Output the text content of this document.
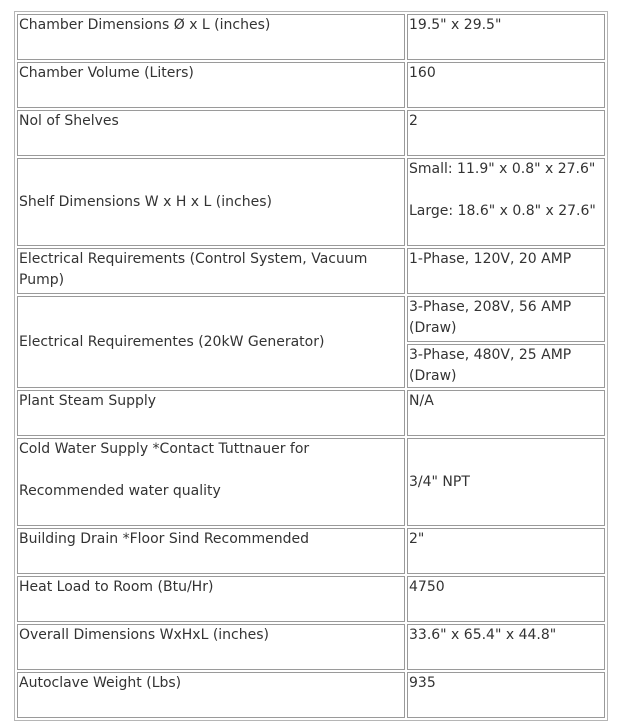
Chamber Dimensions Ø x L (inches)	19.5" x 29.5"
Chamber Volume (Liters)	160
Nol of Shelves	2
Shelf Dimensions W x H x L (inches)	Small: 11.9" x 0.8" x 27.6"
Large: 18.6" x 0.8" x 27.6"

Electrical Requirements (Control System, Vacuum Pump)	1-Phase, 120V, 20 AMP
Electrical Requirementes (20kW Generator)	3-Phase, 208V, 56 AMP (Draw)
	3-Phase, 480V, 25 AMP (Draw)
Plant Steam Supply	N/A

Cold Water Supply *Contact Tuttnauer for
Recommended water quality	3/4" NPT
Building Drain *Floor Sind Recommended	2"
Heat Load to Room (Btu/Hr)	4750
Overall Dimensions WxHxL (inches)	33.6" x 65.4" x 44.8"
Autoclave Weight (Lbs)	935
